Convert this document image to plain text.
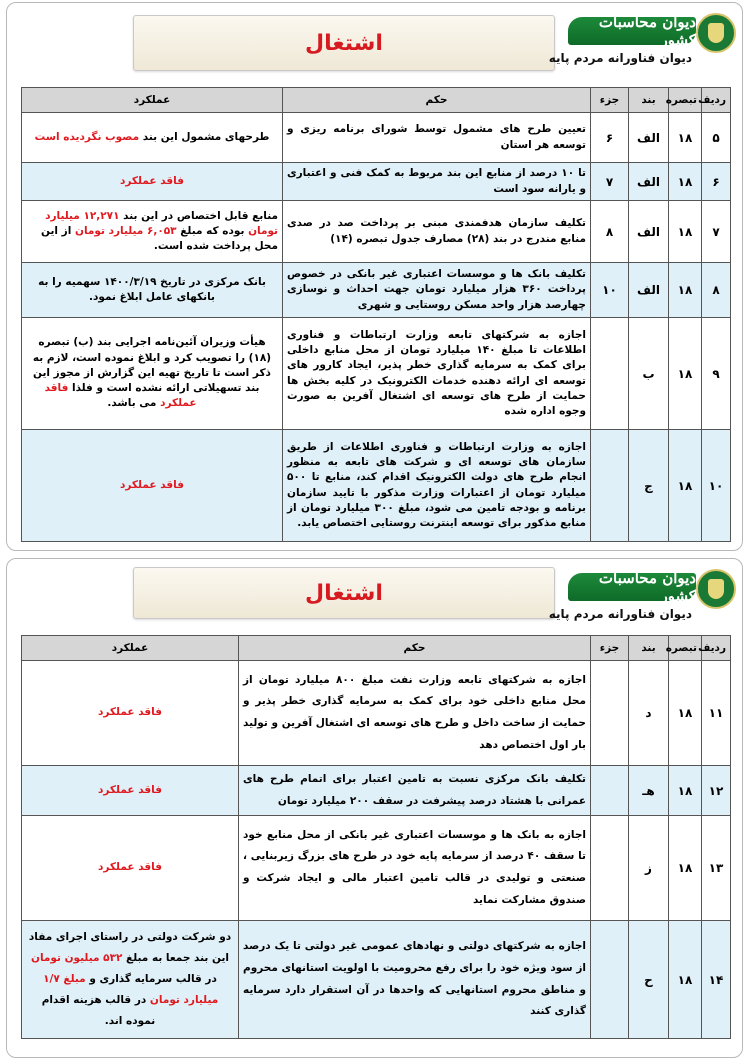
اشتغال
دیوان محاسبات کشور
دیوان فناورانه مردم پایه
ردیف	تبصره	بند	جزء	حکم	عملکرد
۵	۱۸	الف	۶	تعیین طرح های مشمول توسط شورای برنامه ریزی و توسعه هر استان	طرحهای مشمول این بند مصوب نگردیده است
۶	۱۸	الف	۷	تا ۱۰ درصد از منابع این بند مربوط به کمک فنی و اعتباری و یارانه سود است	فاقد عملکرد
۷	۱۸	الف	۸	تکلیف سازمان هدفمندی مبنی بر پرداخت صد در صدی منابع مندرج در بند (۲۸) مصارف جدول تبصره (۱۴)	منابع قابل اختصاص در این بند ۱۲,۲۷۱ میلیارد تومان بوده که مبلغ ۶,۰۵۳ میلیارد تومان از این محل پرداخت شده است.
۸	۱۸	الف	۱۰	تکلیف بانک ها و موسسات اعتباری غیر بانکی در خصوص پرداخت ۳۶۰ هزار میلیارد تومان جهت احداث و نوسازی چهارصد هزار واحد مسکن روستایی و شهری	بانک مرکزی در تاریخ ۱۴۰۰/۳/۱۹ سهمیه را به بانکهای عامل ابلاغ نمود.
۹	۱۸	ب		اجازه به شرکتهای تابعه وزارت ارتباطات و فناوری اطلاعات تا مبلغ ۱۴۰ میلیارد تومان از محل منابع داخلی برای کمک به سرمایه گذاری خطر پذیر، ایجاد کارور های توسعه ای ارائه دهنده خدمات الکترونیک در کلیه بخش ها حمایت از طرح های توسعه ای اشتغال آفرین به صورت وجوه اداره شده	هیأت وزیران آئین‌نامه اجرایی بند (ب) تبصره (۱۸) را تصویب کرد و ابلاغ نموده است، لازم به ذکر است تا تاریخ تهیه این گزارش از مجوز این بند تسهیلاتی ارائه نشده است و فلذا فاقد عملکرد می باشد.
۱۰	۱۸	ج		اجازه به وزارت ارتباطات و فناوری اطلاعات از طریق سازمان های توسعه ای و شرکت های تابعه به منظور انجام طرح های دولت الکترونیک اقدام کند، منابع تا ۵۰۰ میلیارد تومان از اعتبارات وزارت مذکور با تایید سازمان برنامه و بودجه تامین می شود، مبلغ ۳۰۰ میلیارد تومان از منابع مذکور برای توسعه اینترنت روستایی اختصاص یابد.	فاقد عملکرد
اشتغال
دیوان محاسبات کشور
دیوان فناورانه مردم پایه
ردیف	تبصره	بند	جزء	حکم	عملکرد
۱۱	۱۸	د		اجازه به شرکتهای تابعه وزارت نفت مبلغ ۸۰۰ میلیارد تومان از محل منابع داخلی خود برای کمک به سرمایه گذاری خطر پذیر و حمایت از ساخت داخل و طرح های توسعه ای اشتغال آفرین و تولید بار اول اختصاص دهد	فاقد عملکرد
۱۲	۱۸	هـ		تکلیف بانک مرکزی نسبت به تامین اعتبار برای اتمام طرح های عمرانی با هشتاد درصد پیشرفت در سقف ۲۰۰ میلیارد تومان	فاقد عملکرد
۱۳	۱۸	ز		اجازه به بانک ها و موسسات اعتباری غیر بانکی از محل منابع خود تا سقف ۴۰ درصد از سرمایه پایه خود در طرح های بزرگ زیربنایی ، صنعتی و تولیدی در قالب تامین اعتبار مالی و ایجاد شرکت و صندوق مشارکت نماید	فاقد عملکرد
۱۴	۱۸	ح		اجازه به شرکتهای دولتی و نهادهای عمومی غیر دولتی تا یک درصد از سود ویژه خود را برای رفع محرومیت با اولویت استانهای محروم و مناطق محروم استانهایی که واحدها در آن استقرار دارد سرمایه گذاری کنند	دو شرکت دولتی در راستای اجرای مفاد این بند جمعا به مبلغ ۵۳۲ میلیون تومان در قالب سرمایه گذاری و مبلغ ۱/۷ میلیارد تومان در قالب هزینه اقدام نموده اند.
